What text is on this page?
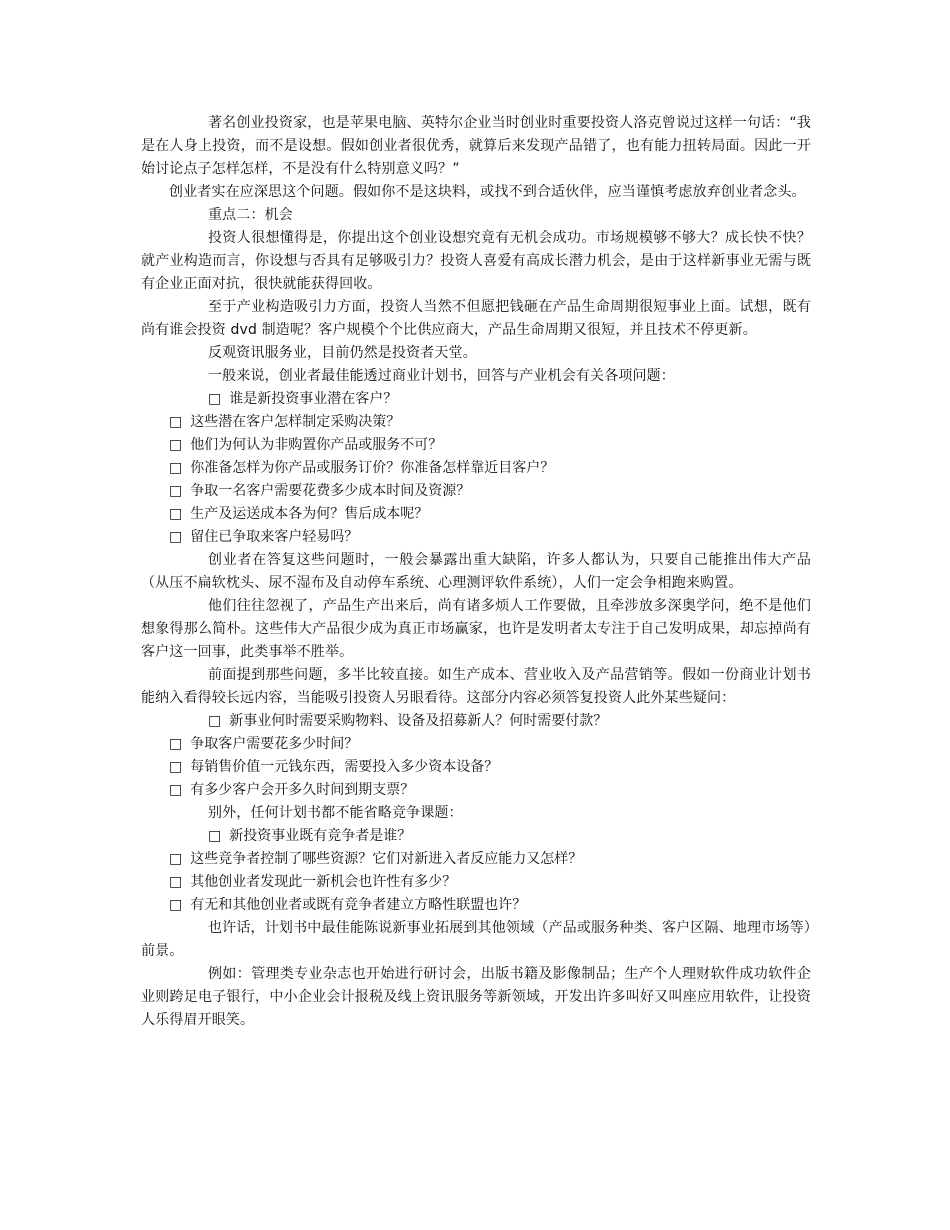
著名创业投资家，也是苹果电脑、英特尔企业当时创业时重要投资人洛克曾说过这样一句话：“我是在人身上投资，而不是设想。假如创业者很优秀，就算后来发现产品错了，也有能力扭转局面。因此一开始讨论点子怎样怎样，不是没有什么特别意义吗？”

创业者实在应深思这个问题。假如你不是这块料，或找不到合适伙伴，应当谨慎考虑放弃创业者念头。

重点二：机会

投资人很想懂得是，你提出这个创业设想究竟有无机会成功。市场规模够不够大？成长快不快？就产业构造而言，你设想与否具有足够吸引力？投资人喜爱有高成长潜力机会，是由于这样新事业无需与既有企业正面对抗，很快就能获得回收。

至于产业构造吸引力方面，投资人当然不但愿把钱砸在产品生命周期很短事业上面。试想，既有尚有谁会投资 dvd 制造呢？客户规模个个比供应商大，产品生命周期又很短，并且技术不停更新。

反观资讯服务业，目前仍然是投资者天堂。

一般来说，创业者最佳能透过商业计划书，回答与产业机会有关各项问题：

□ 谁是新投资事业潜在客户？
□ 这些潜在客户怎样制定采购决策？
□ 他们为何认为非购置你产品或服务不可？
□ 你准备怎样为你产品或服务订价？你准备怎样靠近目客户？
□ 争取一名客户需要花费多少成本时间及资源？
□ 生产及运送成本各为何？售后成本呢？
□ 留住已争取来客户轻易吗？

创业者在答复这些问题时，一般会暴露出重大缺陷，许多人都认为，只要自己能推出伟大产品（从压不扁软枕头、尿不湿布及自动停车系统、心理测评软件系统），人们一定会争相跑来购置。

他们往往忽视了，产品生产出来后，尚有诸多烦人工作要做，且牵涉放多深奥学问，绝不是他们想象得那么简朴。这些伟大产品很少成为真正市场赢家，也许是发明者太专注于自己发明成果，却忘掉尚有客户这一回事，此类事举不胜举。

前面提到那些问题，多半比较直接。如生产成本、营业收入及产品营销等。假如一份商业计划书能纳入看得较长远内容，当能吸引投资人另眼看待。这部分内容必须答复投资人此外某些疑问：

□ 新事业何时需要采购物料、设备及招募新人？何时需要付款？
□ 争取客户需要花多少时间？
□ 每销售价值一元钱东西，需要投入多少资本设备？
□ 有多少客户会开多久时间到期支票？

别外，任何计划书都不能省略竞争课题：

□ 新投资事业既有竞争者是谁？
□ 这些竞争者控制了哪些资源？它们对新进入者反应能力又怎样？
□ 其他创业者发现此一新机会也许性有多少？
□ 有无和其他创业者或既有竞争者建立方略性联盟也许？

也许话，计划书中最佳能陈说新事业拓展到其他领域（产品或服务种类、客户区隔、地理市场等）前景。

例如：管理类专业杂志也开始进行研讨会，出版书籍及影像制品；生产个人理财软件成功软件企业则跨足电子银行，中小企业会计报税及线上资讯服务等新领域，开发出许多叫好又叫座应用软件，让投资人乐得眉开眼笑。
